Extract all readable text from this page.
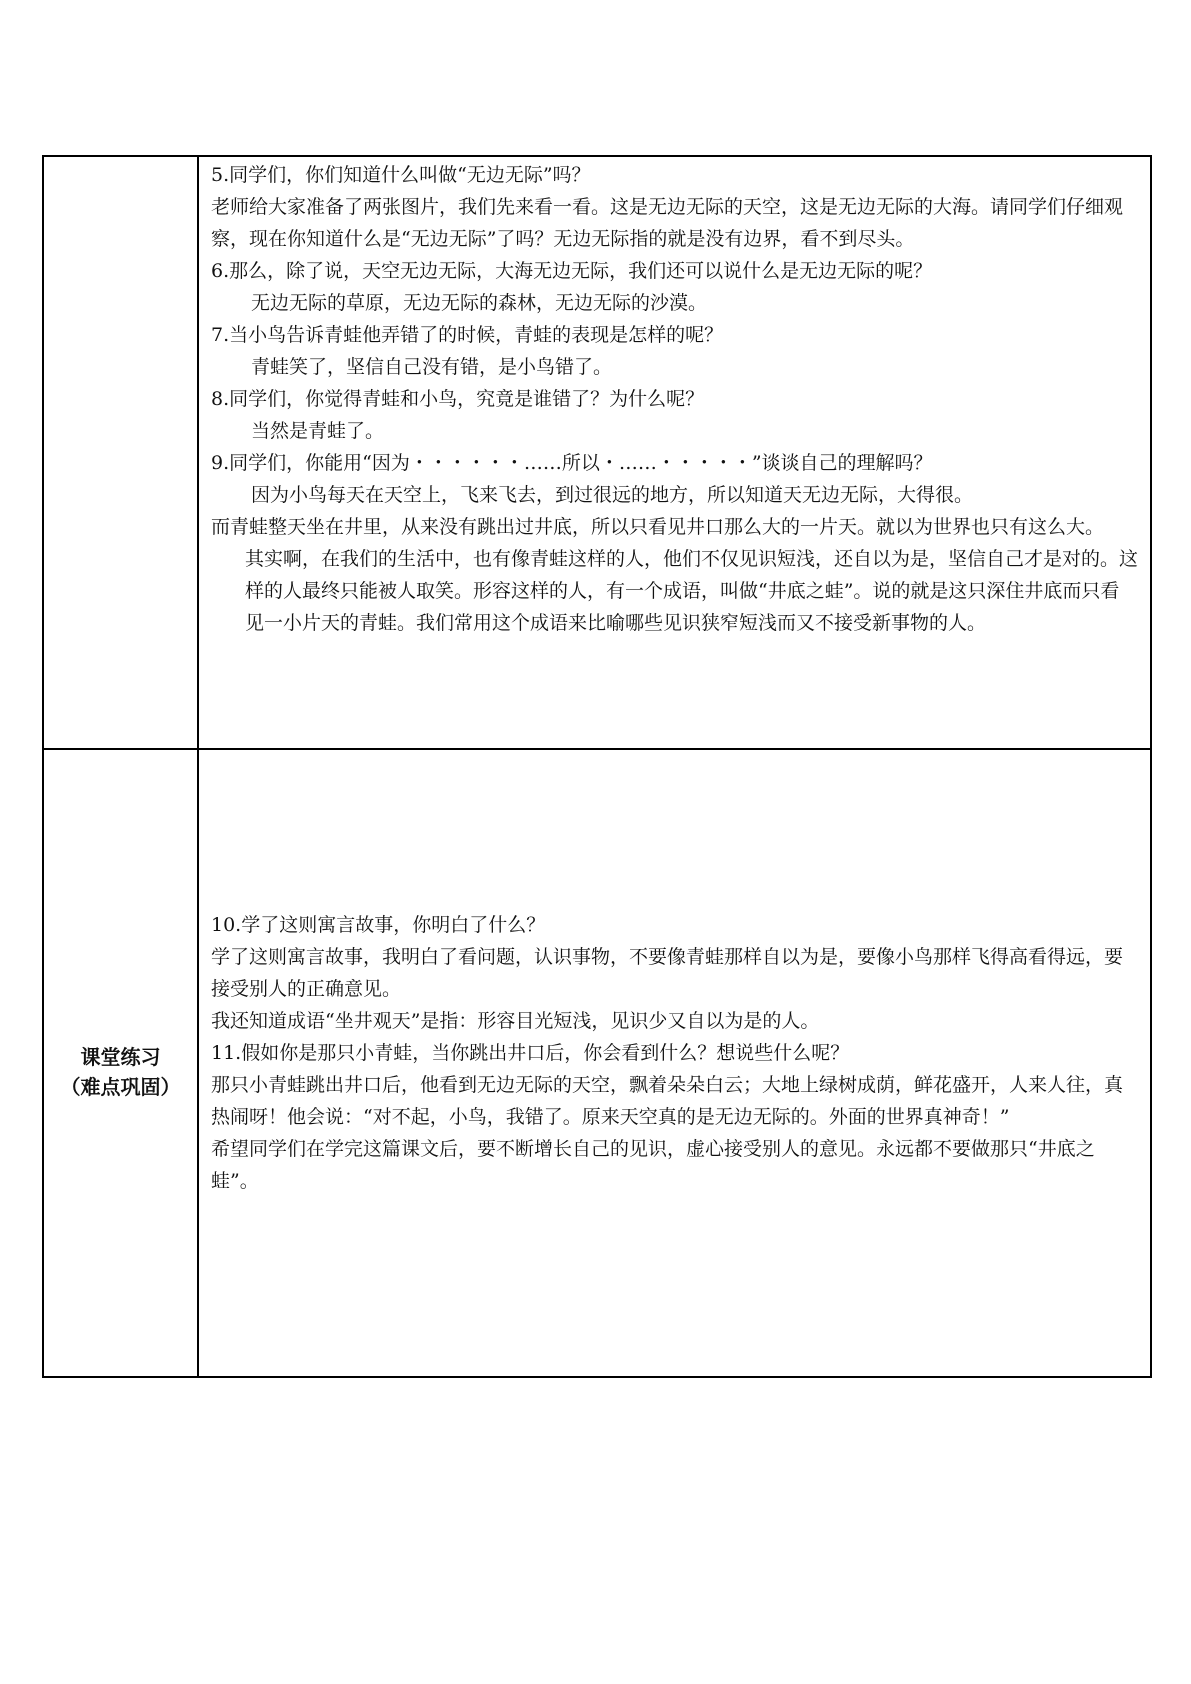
5.同学们，你们知道什么叫做“无边无际”吗？

老师给大家准备了两张图片，我们先来看一看。这是无边无际的天空，这是无边无际的大海。请同学们仔细观察，现在你知道什么是“无边无际”了吗？无边无际指的就是没有边界，看不到尽头。

6.那么，除了说，天空无边无际，大海无边无际，我们还可以说什么是无边无际的呢？

无边无际的草原，无边无际的森林，无边无际的沙漠。

7.当小鸟告诉青蛙他弄错了的时候，青蛙的表现是怎样的呢？

青蛙笑了，坚信自己没有错，是小鸟错了。

8.同学们，你觉得青蛙和小鸟，究竟是谁错了？为什么呢？

当然是青蛙了。

9.同学们，你能用“因为・・・・・・……所以・……・・・・・”谈谈自己的理解吗？

因为小鸟每天在天空上，飞来飞去，到过很远的地方，所以知道天无边无际，大得很。

而青蛙整天坐在井里，从来没有跳出过井底，所以只看见井口那么大的一片天。就以为世界也只有这么大。

其实啊，在我们的生活中，也有像青蛙这样的人，他们不仅见识短浅，还自以为是，坚信自己才是对的。这样的人最终只能被人取笑。形容这样的人，有一个成语，叫做“井底之蛙”。说的就是这只深住井底而只看见一小片天的青蛙。我们常用这个成语来比喻哪些见识狭窄短浅而又不接受新事物的人。

课堂练习
（难点巩固）

10.学了这则寓言故事，你明白了什么？

学了这则寓言故事，我明白了看问题，认识事物，不要像青蛙那样自以为是，要像小鸟那样飞得高看得远，要接受别人的正确意见。

我还知道成语“坐井观天”是指：形容目光短浅，见识少又自以为是的人。

11.假如你是那只小青蛙，当你跳出井口后，你会看到什么？想说些什么呢？

那只小青蛙跳出井口后，他看到无边无际的天空，飘着朵朵白云；大地上绿树成荫，鲜花盛开，人来人往，真热闹呀！他会说：“对不起，小鸟，我错了。原来天空真的是无边无际的。外面的世界真神奇！”

希望同学们在学完这篇课文后，要不断增长自己的见识，虚心接受别人的意见。永远都不要做那只“井底之蛙”。
